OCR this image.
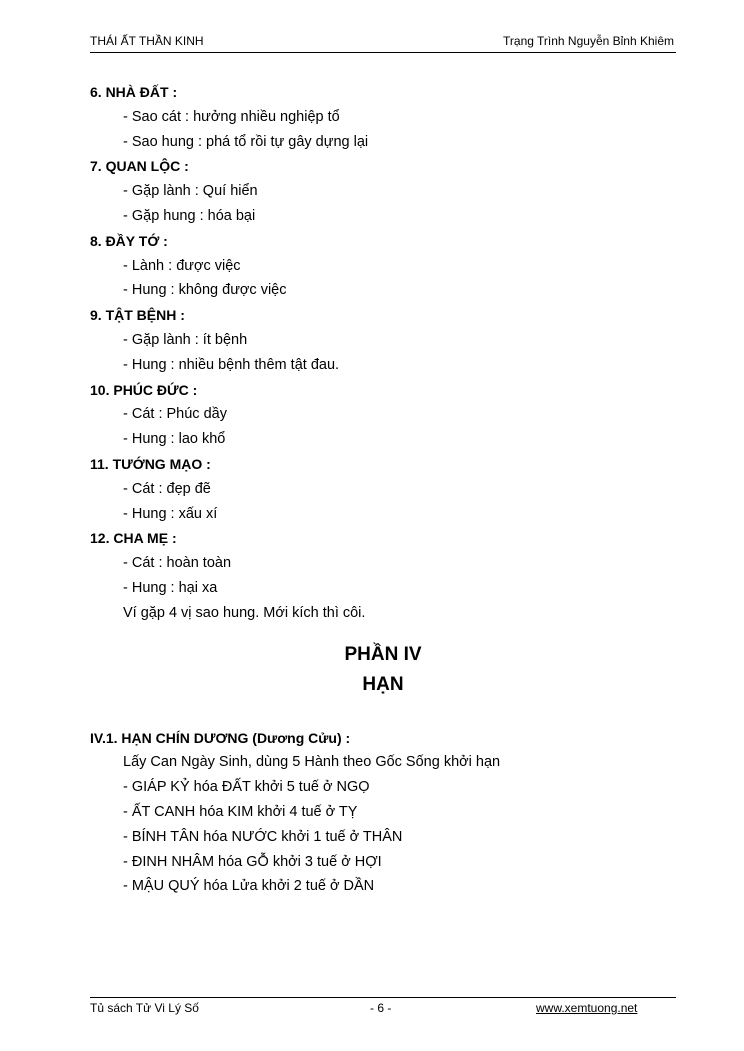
THÁI ẤT THẦN KINH	Trạng Trình Nguyễn Bỉnh Khiêm
6. NHÀ ĐẤT :
- Sao cát : hưởng nhiều nghiệp tổ
- Sao hung : phá tổ rồi tự gây dựng lại
7. QUAN LỘC :
- Gặp lành : Quí hiển
- Gặp hung : hóa bại
8. ĐẦY TỚ :
- Lành : được việc
- Hung : không được việc
9. TẬT BỆNH :
- Gặp lành : ít bệnh
- Hung : nhiều bệnh thêm tật đau.
10. PHÚC ĐỨC :
- Cát : Phúc dầy
- Hung : lao khổ
11. TƯỚNG MẠO :
- Cát : đẹp đẽ
- Hung : xấu xí
12. CHA MẸ :
- Cát : hoàn toàn
- Hung : hại xa
Ví gặp 4 vị sao hung. Mới kích thì côi.
PHẦN IV
HẠN
IV.1. HẠN CHÍN DƯƠNG (Dương Cửu) :
Lấy Can Ngày Sinh, dùng 5 Hành theo Gốc Sống khởi hạn
- GIÁP KỶ hóa ĐẤT khởi 5 tuế ở NGỌ
- ẤT CANH hóa KIM khởi 4 tuế ở TỴ
- BÍNH TÂN hóa NƯỚC khởi 1 tuế ở THÂN
- ĐINH NHÂM hóa GỖ khởi 3 tuế ở HỢI
- MẬU QUÝ hóa Lửa khởi 2 tuế ở DẦN
Tủ sách Tử Vi Lý Số	- 6 -	www.xemtuong.net
